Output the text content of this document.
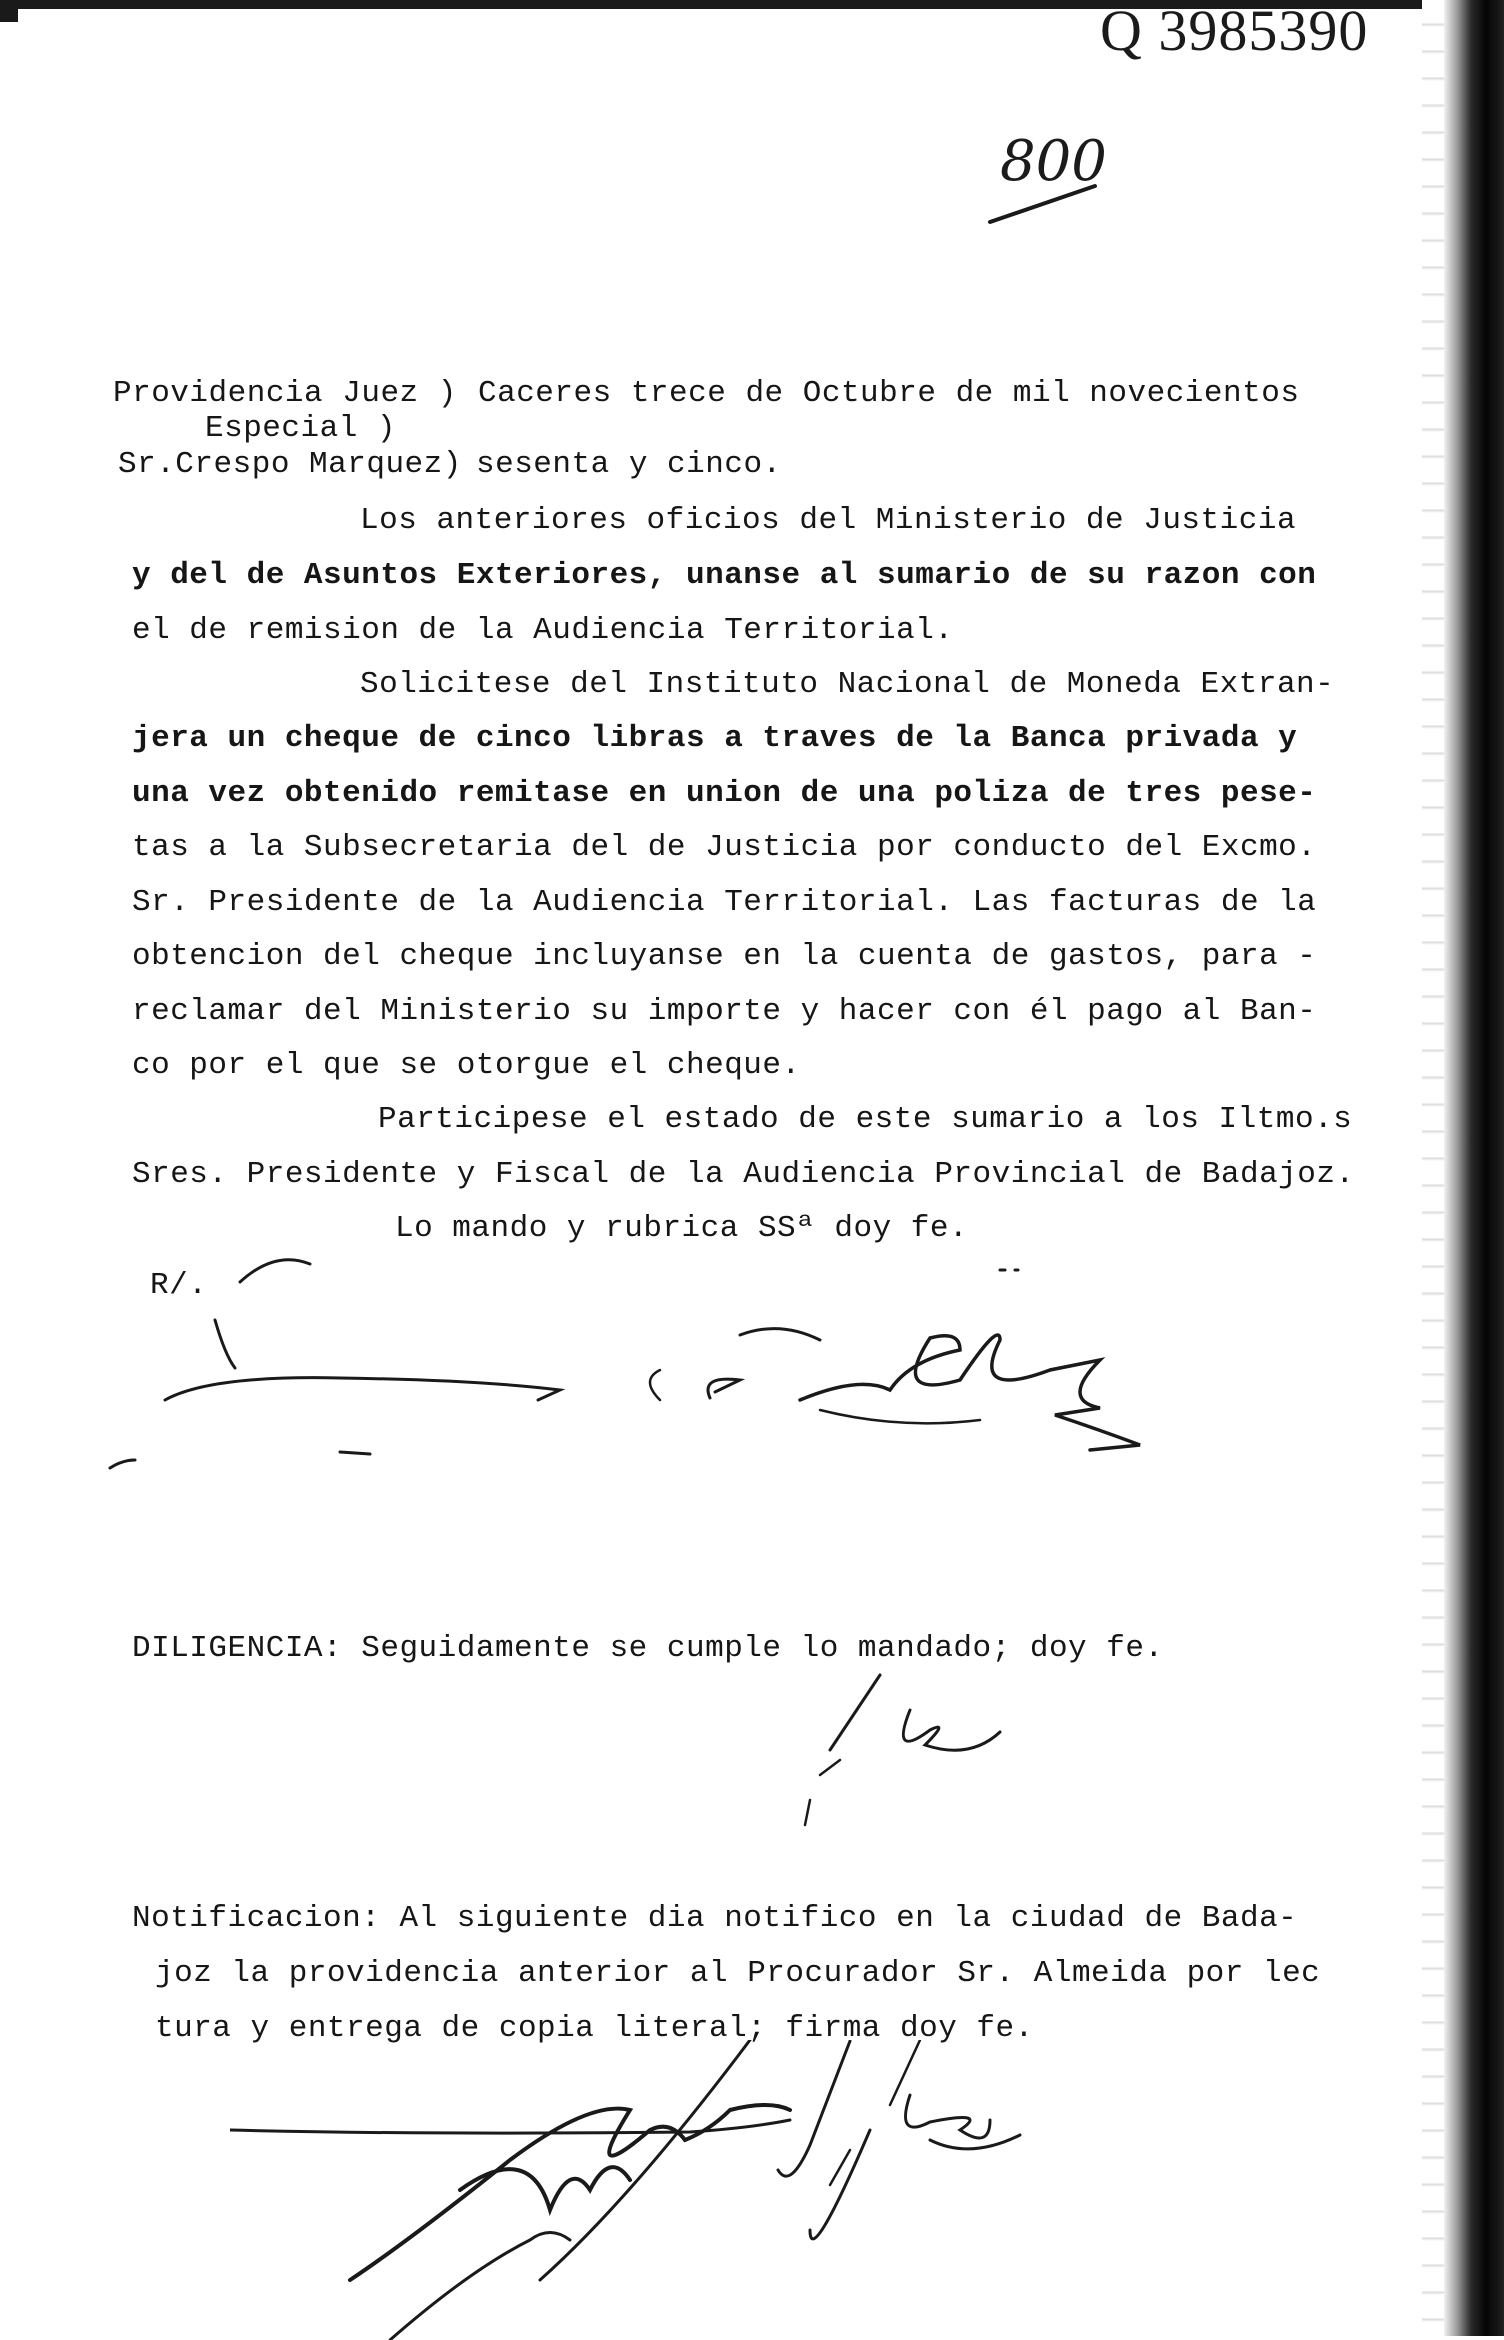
Q 3985390
800
Providencia Juez )
Especial )
Sr.Crespo Marquez)
Caceres trece de Octubre de mil novecientos
sesenta y cinco.
Los anteriores oficios del Ministerio de Justicia
y del de Asuntos Exteriores, unanse al sumario de su razon con
el de remision de la Audiencia Territorial.
Solicitese del Instituto Nacional de Moneda Extran-
jera un cheque de cinco libras a traves de la Banca privada y
una vez obtenido remitase en union de una poliza de tres pese-
tas a la Subsecretaria del de Justicia por conducto del Excmo.
Sr. Presidente de la Audiencia Territorial. Las facturas de la
obtencion del cheque incluyanse en la cuenta de gastos, para -
reclamar del Ministerio su importe y hacer con él pago al Ban-
co por el que se otorgue el cheque.
Participese el estado de este sumario a los Iltmo.s
Sres. Presidente y Fiscal de la Audiencia Provincial de Badajoz.
Lo mando y rubrica SSª doy fe.
R/.
DILIGENCIA: Seguidamente se cumple lo mandado; doy fe.
Notificacion: Al siguiente dia notifico en la ciudad de Bada-
joz la providencia anterior al Procurador Sr. Almeida por lec
tura y entrega de copia literal; firma doy fe.
